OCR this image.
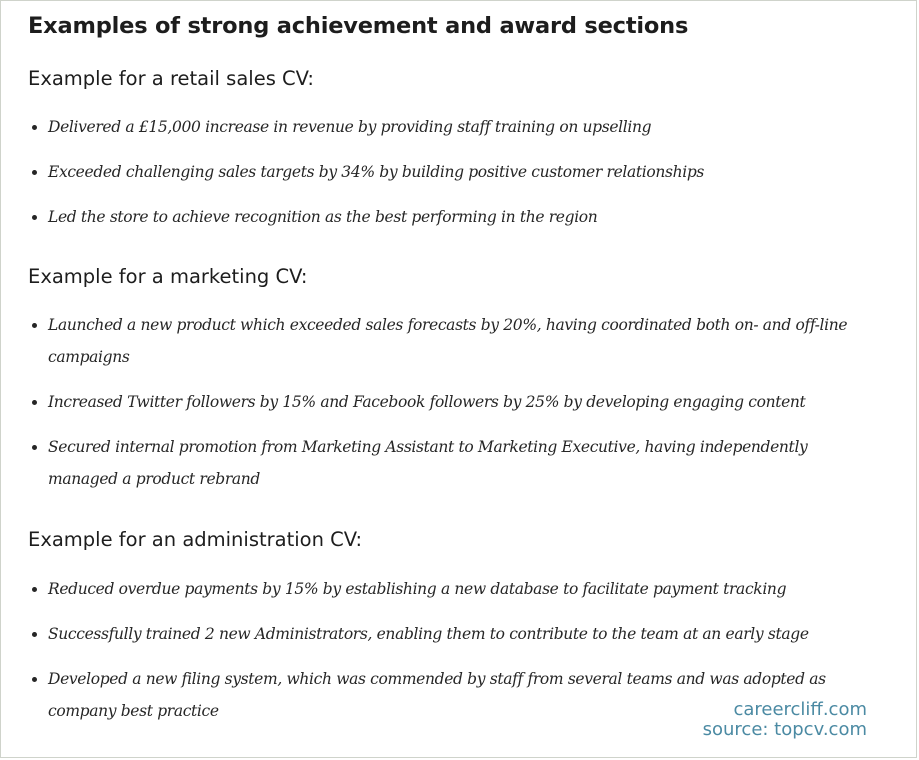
Examples of strong achievement and award sections
Example for a retail sales CV:
Delivered a £15,000 increase in revenue by providing staff training on upselling
Exceeded challenging sales targets by 34% by building positive customer relationships
Led the store to achieve recognition as the best performing in the region
Example for a marketing CV:
Launched a new product which exceeded sales forecasts by 20%, having coordinated both on- and off-line campaigns
Increased Twitter followers by 15% and Facebook followers by 25% by developing engaging content
Secured internal promotion from Marketing Assistant to Marketing Executive, having independently managed a product rebrand
Example for an administration CV:
Reduced overdue payments by 15% by establishing a new database to facilitate payment tracking
Successfully trained 2 new Administrators, enabling them to contribute to the team at an early stage
Developed a new filing system, which was commended by staff from several teams and was adopted as company best practice	careercliff.com
source: topcv.com
